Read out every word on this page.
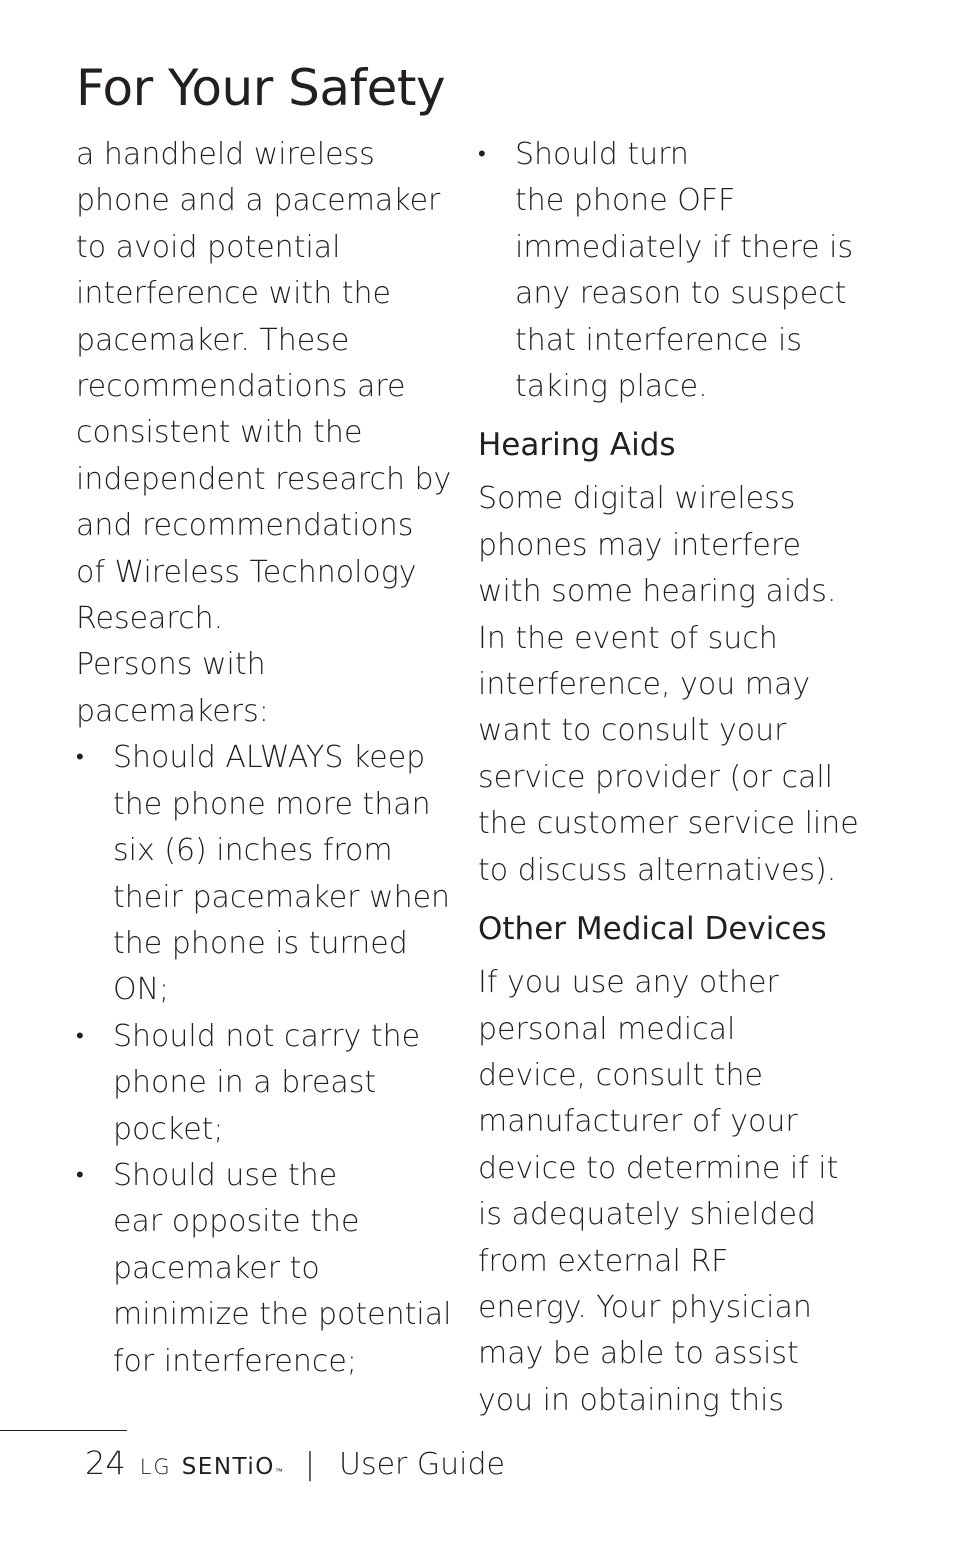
For Your Safety

a handheld wireless
phone and a pacemaker
to avoid potential
interference with the
pacemaker. These
recommendations are
consistent with the
independent research by
and recommendations
of Wireless Technology
Research.

Persons with
pacemakers:

• Should ALWAYS keep
the phone more than
six (6) inches from
their pacemaker when
the phone is turned
ON;
• Should not carry the
phone in a breast
pocket;
• Should use the
ear opposite the
pacemaker to
minimize the potential
for interference;
• Should turn
the phone OFF
immediately if there is
any reason to suspect
that interference is
taking place.
Hearing Aids

Some digital wireless
phones may interfere
with some hearing aids.
In the event of such
interference, you may
want to consult your
service provider (or call
the customer service line
to discuss alternatives).

Other Medical Devices

If you use any other
personal medical
device, consult the
manufacturer of your
device to determine if it
is adequately shielded
from external RF
energy. Your physician
may be able to assist
you in obtaining this

24 LG SENTiO ™ | User Guide
